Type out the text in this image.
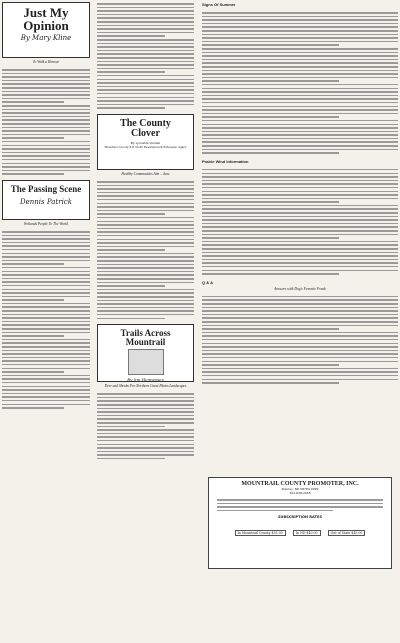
Just My
Opinion
By Mary Kline
To Walk a Honour
The Passing Scene
Dennis Patrick
Wetlands People To The World
The County
Clover
By Lynnette Voshell
Mountain County 4-H Youth Development Extension Agent
Healthy Communities Aim – June
Trails Across
Mountrail
By Jim Hennessey
Deer and Shrubs For Northern Great Plains Landscapes
Signs Of Summer
Prairie Wind Information
Q & A
Answers with Dog's Favorite Foods
MOUNTRAIL COUNTY PROMOTER, INC.
Stanley, ND 58784-0099
701-628-2945
SUBSCRIPTION RATES
In Mountrail County $35.00	In ND $40.00	Out of State $45.00
